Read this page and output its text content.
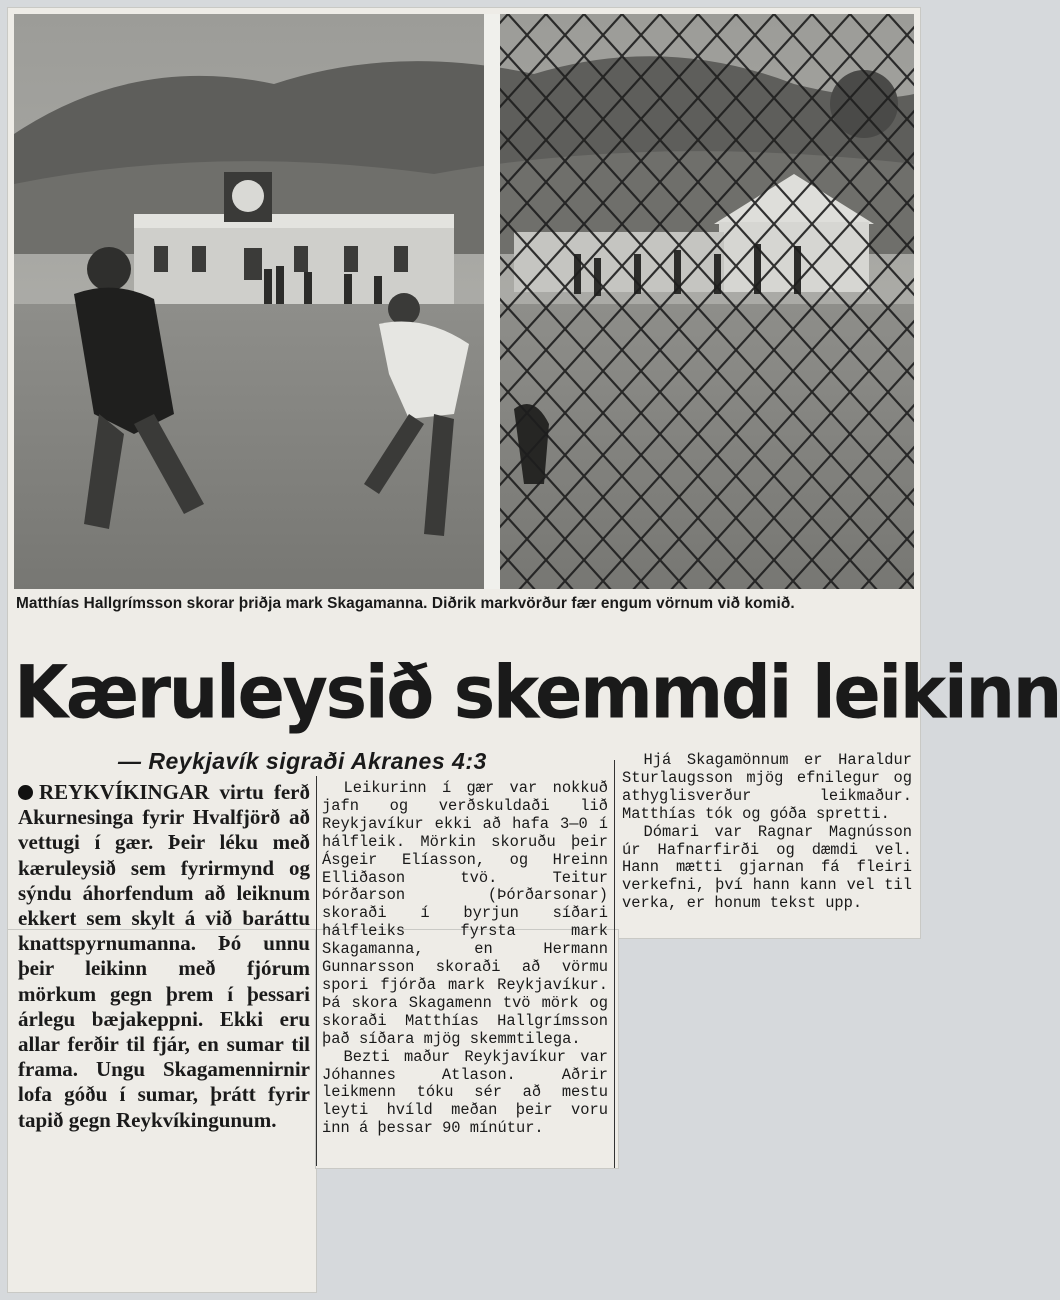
Matthías Hallgrímsson skorar þriðja mark Skagamanna. Diðrik markvörður fær engum vörnum við komið.
Kæruleysið skemmdi leikinn
— Reykjavík sigraði Akranes 4:3
REYKVÍKINGAR virtu ferð Akurnesinga fyrir Hvalfjörð að vettugi í gær. Þeir léku með kæruleysið sem fyrirmynd og sýndu áhorfendum að leiknum ekkert sem skylt á við baráttu knattspyrnumanna. Þó unnu þeir leikinn með fjórum mörkum gegn þrem í þessari árlegu bæjakeppni. Ekki eru allar ferðir til fjár, en sumar til frama. Ungu Skagamennirnir lofa góðu í sumar, þrátt fyrir tapið gegn Reykvíkingunum.

Leikurinn í gær var nokkuð jafn og verðskuldaði lið Reykjavíkur ekki að hafa 3—0 í hálfleik. Mörkin skoruðu þeir Ásgeir Elíasson, og Hreinn Elliðason tvö. Teitur Þórðarson (Þórðarsonar) skoraði í byrjun síðari hálfleiks fyrsta mark Skagamanna, en Hermann Gunnarsson skoraði að vörmu spori fjórða mark Reykjavíkur. Þá skora Skagamenn tvö mörk og skoraði Matthías Hallgrímsson það síðara mjög skemmtilega.

Bezti maður Reykjavíkur var Jóhannes Atlason. Aðrir leikmenn tóku sér að mestu leyti hvíld meðan þeir voru inn á þessar 90 mínútur.

Hjá Skagamönnum er Haraldur Sturlaugsson mjög efnilegur og athyglisverður leikmaður. Matthías tók og góða spretti.

Dómari var Ragnar Magnússon úr Hafnarfirði og dæmdi vel. Hann mætti gjarnan fá fleiri verkefni, því hann kann vel til verka, er honum tekst upp.
